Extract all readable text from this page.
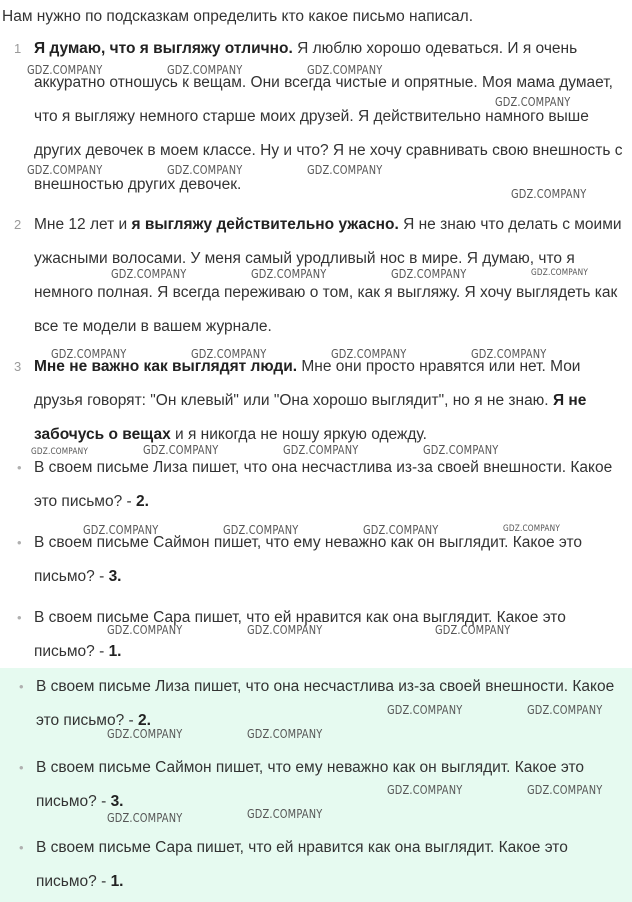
Нам нужно по подсказкам определить кто какое письмо написал.

1 Я думаю, что я выгляжу отлично. Я люблю хорошо одеваться. И я очень аккуратно отношусь к вещам. Они всегда чистые и опрятные. Моя мама думает, что я выгляжу немного старше моих друзей. Я действительно намного выше других девочек в моем классе. Ну и что? Я не хочу сравнивать свою внешность с внешностью других девочек.

2 Мне 12 лет и я выгляжу действительно ужасно. Я не знаю что делать с моими ужасными волосами. У меня самый уродливый нос в мире. Я думаю, что я немного полная. Я всегда переживаю о том, как я выгляжу. Я хочу выглядеть как все те модели в вашем журнале.

3 Мне не важно как выглядят люди. Мне они просто нравятся или нет. Мои друзья говорят: "Он клевый" или "Она хорошо выглядит", но я не знаю. Я не забочусь о вещах и я никогда не ношу яркую одежду.

• В своем письме Лиза пишет, что она несчастлива из-за своей внешности. Какое это письмо? - 2.

• В своем письме Саймон пишет, что ему неважно как он выглядит. Какое это письмо? - 3.

• В своем письме Сара пишет, что ей нравится как она выглядит. Какое это письмо? - 1.

• В своем письме Лиза пишет, что она несчастлива из-за своей внешности. Какое это письмо? - 2.

• В своем письме Саймон пишет, что ему неважно как он выглядит. Какое это письмо? - 3.

• В своем письме Сара пишет, что ей нравится как она выглядит. Какое это письмо? - 1.

GDZ.COMPANY	GDZ.COMPANY	GDZ.COMPANY
GDZ.COMPANY
GDZ.COMPANY	GDZ.COMPANY	GDZ.COMPANY
GDZ.COMPANY
GDZ.COMPANY	GDZ.COMPANY	GDZ.COMPANY	GDZ.COMPANY
GDZ.COMPANY	GDZ.COMPANY	GDZ.COMPANY	GDZ.COMPANY
GDZ.COMPANY	GDZ.COMPANY	GDZ.COMPANY	GDZ.COMPANY
GDZ.COMPANY	GDZ.COMPANY	GDZ.COMPANY	GDZ.COMPANY
GDZ.COMPANY	GDZ.COMPANY	GDZ.COMPANY
GDZ.COMPANY	GDZ.COMPANY
GDZ.COMPANY	GDZ.COMPANY
GDZ.COMPANY	GDZ.COMPANY
GDZ.COMPANY	GDZ.COMPANY
